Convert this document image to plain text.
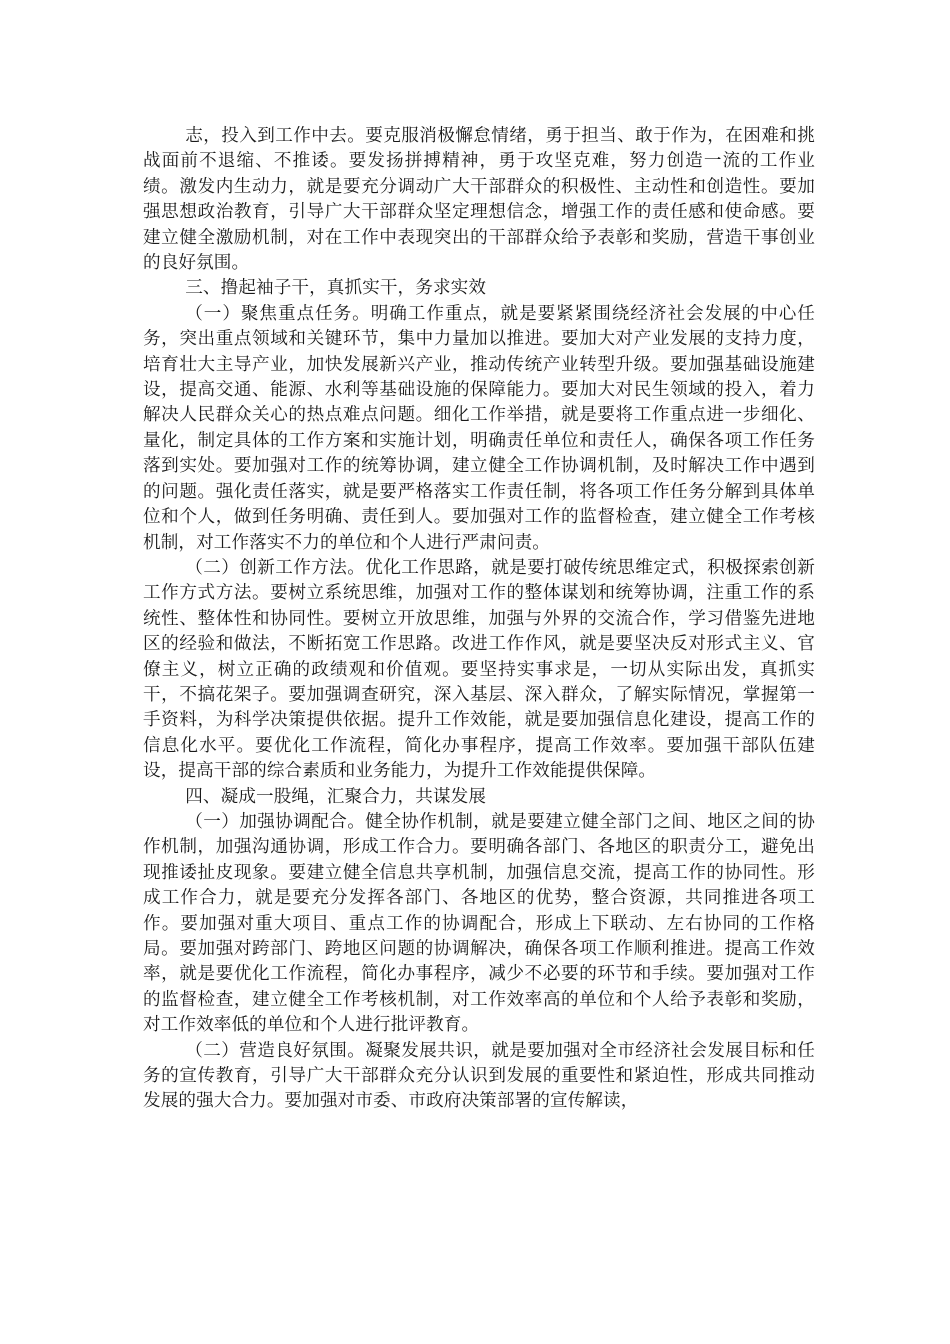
志，投入到工作中去。要克服消极懈怠情绪，勇于担当、敢于作为，在困难和挑战面前不退缩、不推诿。要发扬拼搏精神，勇于攻坚克难，努力创造一流的工作业绩。激发内生动力，就是要充分调动广大干部群众的积极性、主动性和创造性。要加强思想政治教育，引导广大干部群众坚定理想信念，增强工作的责任感和使命感。要建立健全激励机制，对在工作中表现突出的干部群众给予表彰和奖励，营造干事创业的良好氛围。

三、撸起袖子干，真抓实干，务求实效

（一）聚焦重点任务。明确工作重点，就是要紧紧围绕经济社会发展的中心任务，突出重点领域和关键环节，集中力量加以推进。要加大对产业发展的支持力度，培育壮大主导产业，加快发展新兴产业，推动传统产业转型升级。要加强基础设施建设，提高交通、能源、水利等基础设施的保障能力。要加大对民生领域的投入，着力解决人民群众关心的热点难点问题。细化工作举措，就是要将工作重点进一步细化、量化，制定具体的工作方案和实施计划，明确责任单位和责任人，确保各项工作任务落到实处。要加强对工作的统筹协调，建立健全工作协调机制，及时解决工作中遇到的问题。强化责任落实，就是要严格落实工作责任制，将各项工作任务分解到具体单位和个人，做到任务明确、责任到人。要加强对工作的监督检查，建立健全工作考核机制，对工作落实不力的单位和个人进行严肃问责。

（二）创新工作方法。优化工作思路，就是要打破传统思维定式，积极探索创新工作方式方法。要树立系统思维，加强对工作的整体谋划和统筹协调，注重工作的系统性、整体性和协同性。要树立开放思维，加强与外界的交流合作，学习借鉴先进地区的经验和做法，不断拓宽工作思路。改进工作作风，就是要坚决反对形式主义、官僚主义，树立正确的政绩观和价值观。要坚持实事求是，一切从实际出发，真抓实干，不搞花架子。要加强调查研究，深入基层、深入群众，了解实际情况，掌握第一手资料，为科学决策提供依据。提升工作效能，就是要加强信息化建设，提高工作的信息化水平。要优化工作流程，简化办事程序，提高工作效率。要加强干部队伍建设，提高干部的综合素质和业务能力，为提升工作效能提供保障。

四、凝成一股绳，汇聚合力，共谋发展

（一）加强协调配合。健全协作机制，就是要建立健全部门之间、地区之间的协作机制，加强沟通协调，形成工作合力。要明确各部门、各地区的职责分工，避免出现推诿扯皮现象。要建立健全信息共享机制，加强信息交流，提高工作的协同性。形成工作合力，就是要充分发挥各部门、各地区的优势，整合资源，共同推进各项工作。要加强对重大项目、重点工作的协调配合，形成上下联动、左右协同的工作格局。要加强对跨部门、跨地区问题的协调解决，确保各项工作顺利推进。提高工作效率，就是要优化工作流程，简化办事程序，减少不必要的环节和手续。要加强对工作的监督检查，建立健全工作考核机制，对工作效率高的单位和个人给予表彰和奖励，对工作效率低的单位和个人进行批评教育。

（二）营造良好氛围。凝聚发展共识，就是要加强对全市经济社会发展目标和任务的宣传教育，引导广大干部群众充分认识到发展的重要性和紧迫性，形成共同推动发展的强大合力。要加强对市委、市政府决策部署的宣传解读，
